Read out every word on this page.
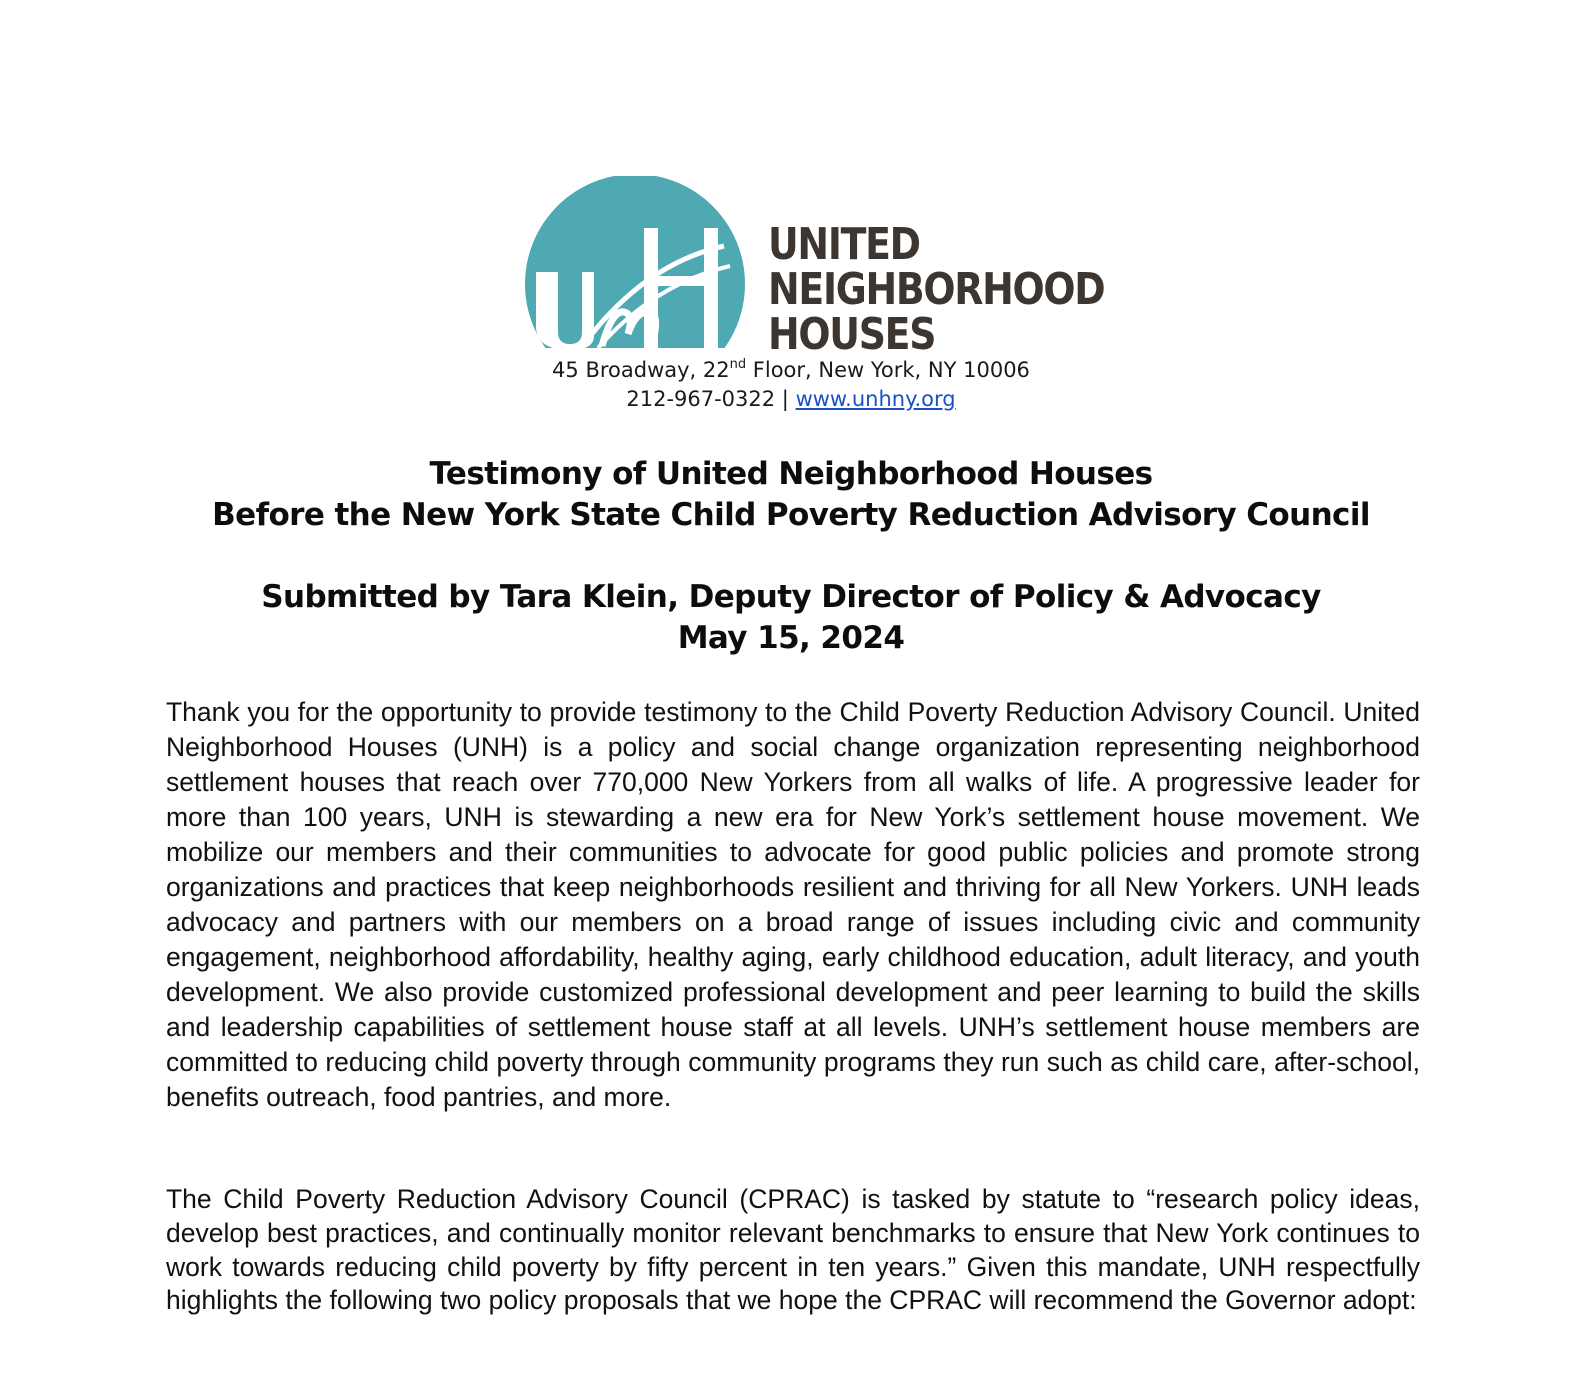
UNITED
NEIGHBORHOOD
HOUSES
45 Broadway, 22nd Floor, New York, NY 10006
212-967-0322 | www.unhny.org
Testimony of United Neighborhood Houses
Before the New York State Child Poverty Reduction Advisory Council
Submitted by Tara Klein, Deputy Director of Policy & Advocacy
May 15, 2024
Thank you for the opportunity to provide testimony to the Child Poverty Reduction Advisory Council. United Neighborhood Houses (UNH) is a policy and social change organization representing neighborhood settlement houses that reach over 770,000 New Yorkers from all walks of life. A progressive leader for more than 100 years, UNH is stewarding a new era for New York’s settlement house movement. We mobilize our members and their communities to advocate for good public policies and promote strong organizations and practices that keep neighborhoods resilient and thriving for all New Yorkers. UNH leads advocacy and partners with our members on a broad range of issues including civic and community engagement, neighborhood affordability, healthy aging, early childhood education, adult literacy, and youth development. We also provide customized professional development and peer learning to build the skills and leadership capabilities of settlement house staff at all levels. UNH’s settlement house members are committed to reducing child poverty through community programs they run such as child care, after-school, benefits outreach, food pantries, and more.
The Child Poverty Reduction Advisory Council (CPRAC) is tasked by statute to “research policy ideas, develop best practices, and continually monitor relevant benchmarks to ensure that New York continues to work towards reducing child poverty by fifty percent in ten years.” Given this mandate, UNH respectfully highlights the following two policy proposals that we hope the CPRAC will recommend the Governor adopt:
